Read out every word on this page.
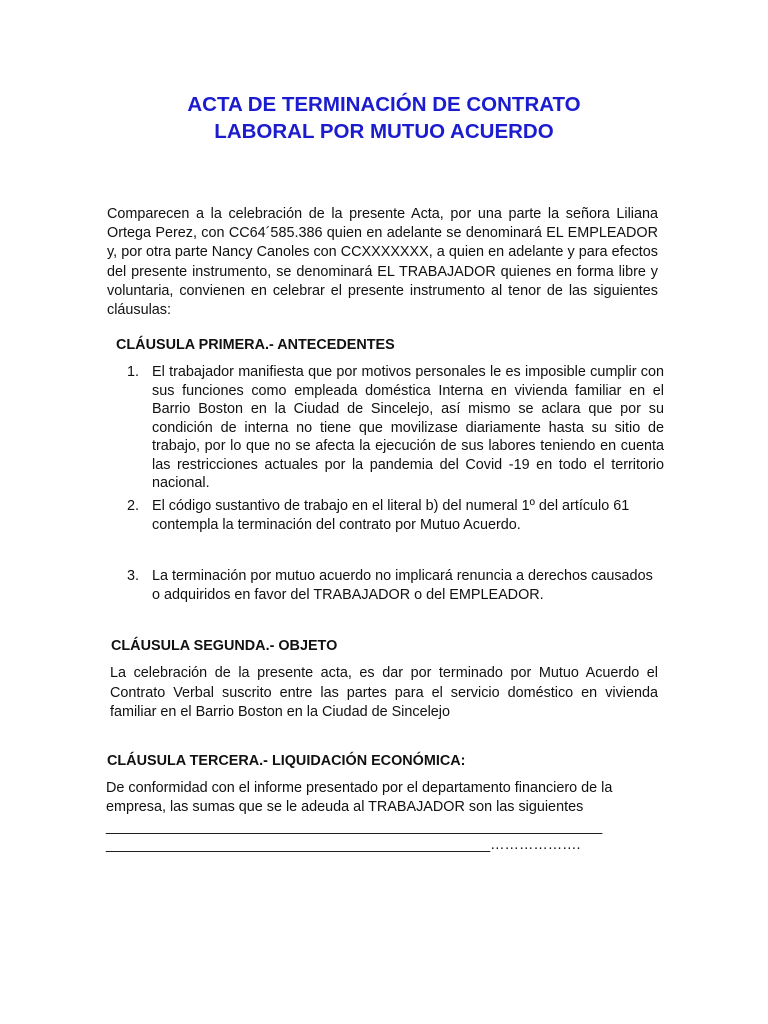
ACTA DE TERMINACIÓN DE CONTRATO
LABORAL POR MUTUO ACUERDO

Comparecen a la celebración de la presente Acta, por una parte la señora Liliana Ortega Perez, con CC64´585.386 quien en adelante se denominará EL EMPLEADOR y, por otra parte Nancy Canoles con CCXXXXXXX, a quien en adelante y para efectos del presente instrumento, se denominará EL TRABAJADOR quienes en forma libre y voluntaria, convienen en celebrar el presente instrumento al tenor de las siguientes cláusulas:

CLÁUSULA PRIMERA.- ANTECEDENTES
1. El trabajador manifiesta que por motivos personales le es imposible cumplir con sus funciones como empleada doméstica Interna en vivienda familiar en el Barrio Boston en la Ciudad de Sincelejo, así mismo se aclara que por su condición de interna no tiene que movilizase diariamente hasta su sitio de trabajo, por lo que no se afecta la ejecución de sus labores teniendo en cuenta las restricciones actuales por la pandemia del Covid -19 en todo el territorio nacional.
2. El código sustantivo de trabajo en el literal b) del numeral 1º del artículo 61 contempla la terminación del contrato por Mutuo Acuerdo.
3. La terminación por mutuo acuerdo no implicará renuncia a derechos causados o adquiridos en favor del TRABAJADOR o del EMPLEADOR.
CLÁUSULA SEGUNDA.- OBJETO

La celebración de la presente acta, es dar por terminado por Mutuo Acuerdo el Contrato Verbal suscrito entre las partes para el servicio doméstico en vivienda familiar en el Barrio Boston en la Ciudad de Sincelejo

CLÁUSULA TERCERA.- LIQUIDACIÓN ECONÓMICA:

De conformidad con el informe presentado por el departamento financiero de la empresa, las sumas que se le adeuda al TRABAJADOR son las siguientes

______________________________________________________________
________________________________________________……………….
